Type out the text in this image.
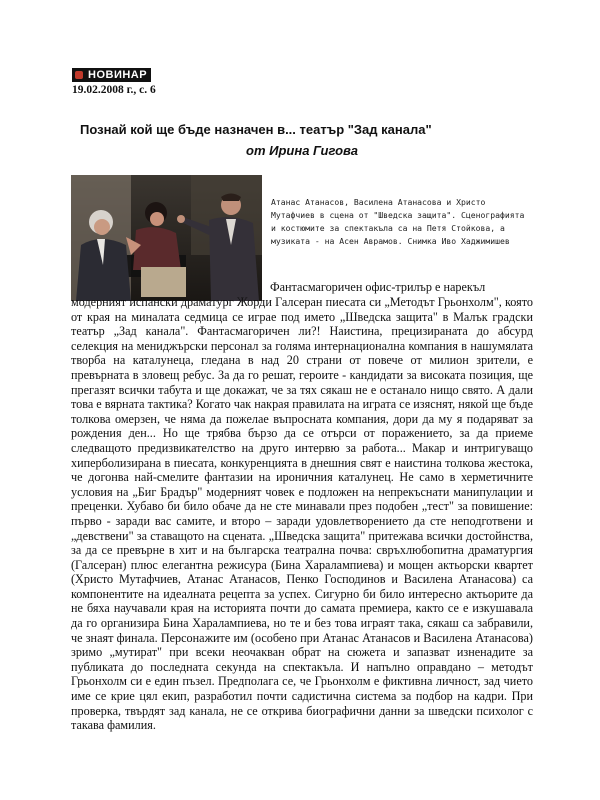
НОВИНАР
19.02.2008 г., с. 6
Познай кой ще бъде назначен в... театър "Зад канала"
от Ирина Гигова
Атанас Атанасов, Василена Атанасова и Христо Мутафчиев в сцена от "Шведска защита". Сценографията и костюмите за спектакъла са на Петя Стойкова, а музиката - на Асен Аврамов. Снимка Иво Хаджимишев
Фантасмагоричен офис-трилър е нарекъл

модерният испански драматург Жорди Галсеран пиесата си „Методът Грьонхолм", която от края на миналата седмица се играе под името „Шведска защита" в Малък градски театър „Зад канала". Фантасмагоричен ли?! Наистина, прецизираната до абсурд селекция на мениджърски персонал за голяма интернационална компания в нашумялата творба на каталунеца, гледана в над 20 страни от повече от милион зрители, е превърната в зловещ ребус. За да го решат, героите - кандидати за високата позиция, ще прегазят всички табута и ще докажат, че за тях сякаш не е останало нищо свято. А дали това е вярната тактика? Когато чак накрая правилата на играта се изяснят, някой ще бъде толкова омерзен, че няма да пожелае въпросната компания, дори да му я подаряват за рождения ден... Но ще трябва бързо да се отърси от поражението, за да приеме следващото предизвикателство на друго интервю за работа... Макар и интригуващо хиперболизирана в пиесата, конкуренцията в днешния свят е наистина толкова жестока, че догонва най-смелите фантазии на ироничния каталунец. Не само в херметичните условия на „Биг Брадър" модерният човек е подложен на непрекъснати манипулации и преценки. Хубаво би било обаче да не сте минавали през подобен „тест" за повишение: първо - заради вас самите, и второ – заради удовлетворението да сте неподготвени и „девствени" за ставащото на сцената. „Шведска защита" притежава всички достойнства, за да се превърне в хит и на българска театрална почва: свръхлюбопитна драматургия (Галсеран) плюс елегантна режисура (Бина Харалампиева) и мощен актьорски квартет (Христо Мутафчиев, Атанас Атанасов, Пенко Господинов и Василена Атанасова) са компонентите на идеалната рецепта за успех. Сигурно би било интересно актьорите да не бяха научавали края на историята почти до самата премиера, както се е изкушавала да го организира Бина Харалампиева, но те и без това играят така, сякаш са забравили, че знаят финала. Персонажите им (особено при Атанас Атанасов и Василена Атанасова) зримо „мутират" при всеки неочакван обрат на сюжета и запазват изненадите за публиката до последната секунда на спектакъла. И напълно оправдано – методът Грьонхолм си е един пъзел. Предполага се, че Грьонхолм е фиктивна личност, зад чието име се крие цял екип, разработил почти садистична система за подбор на кадри. При проверка, твърдят зад канала, не се открива биографични данни за шведски психолог с такава фамилия.
